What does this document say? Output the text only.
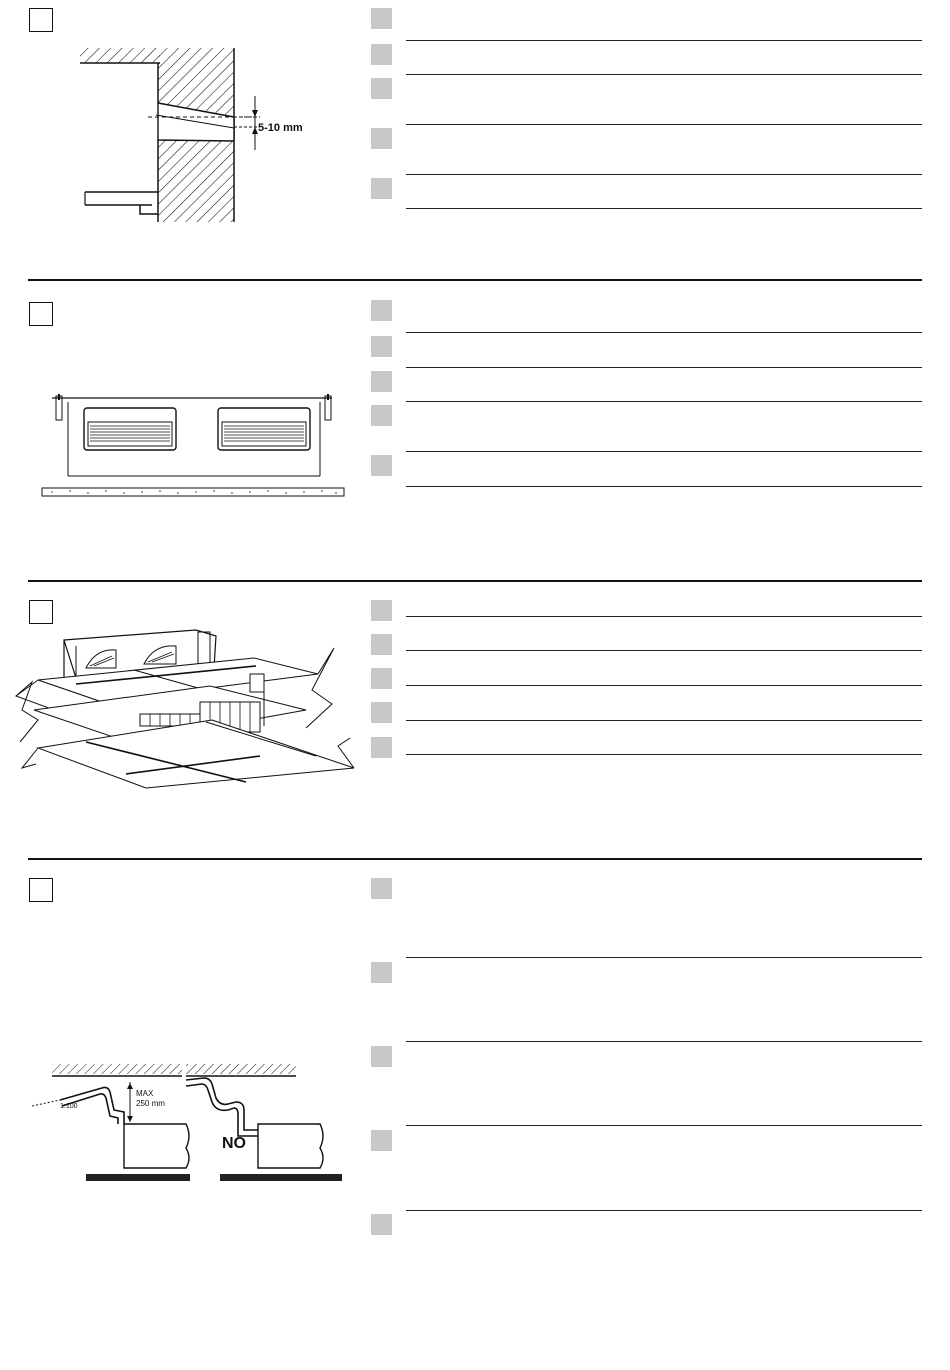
5-10 mm
MAX
250 mm
1:100
NO
